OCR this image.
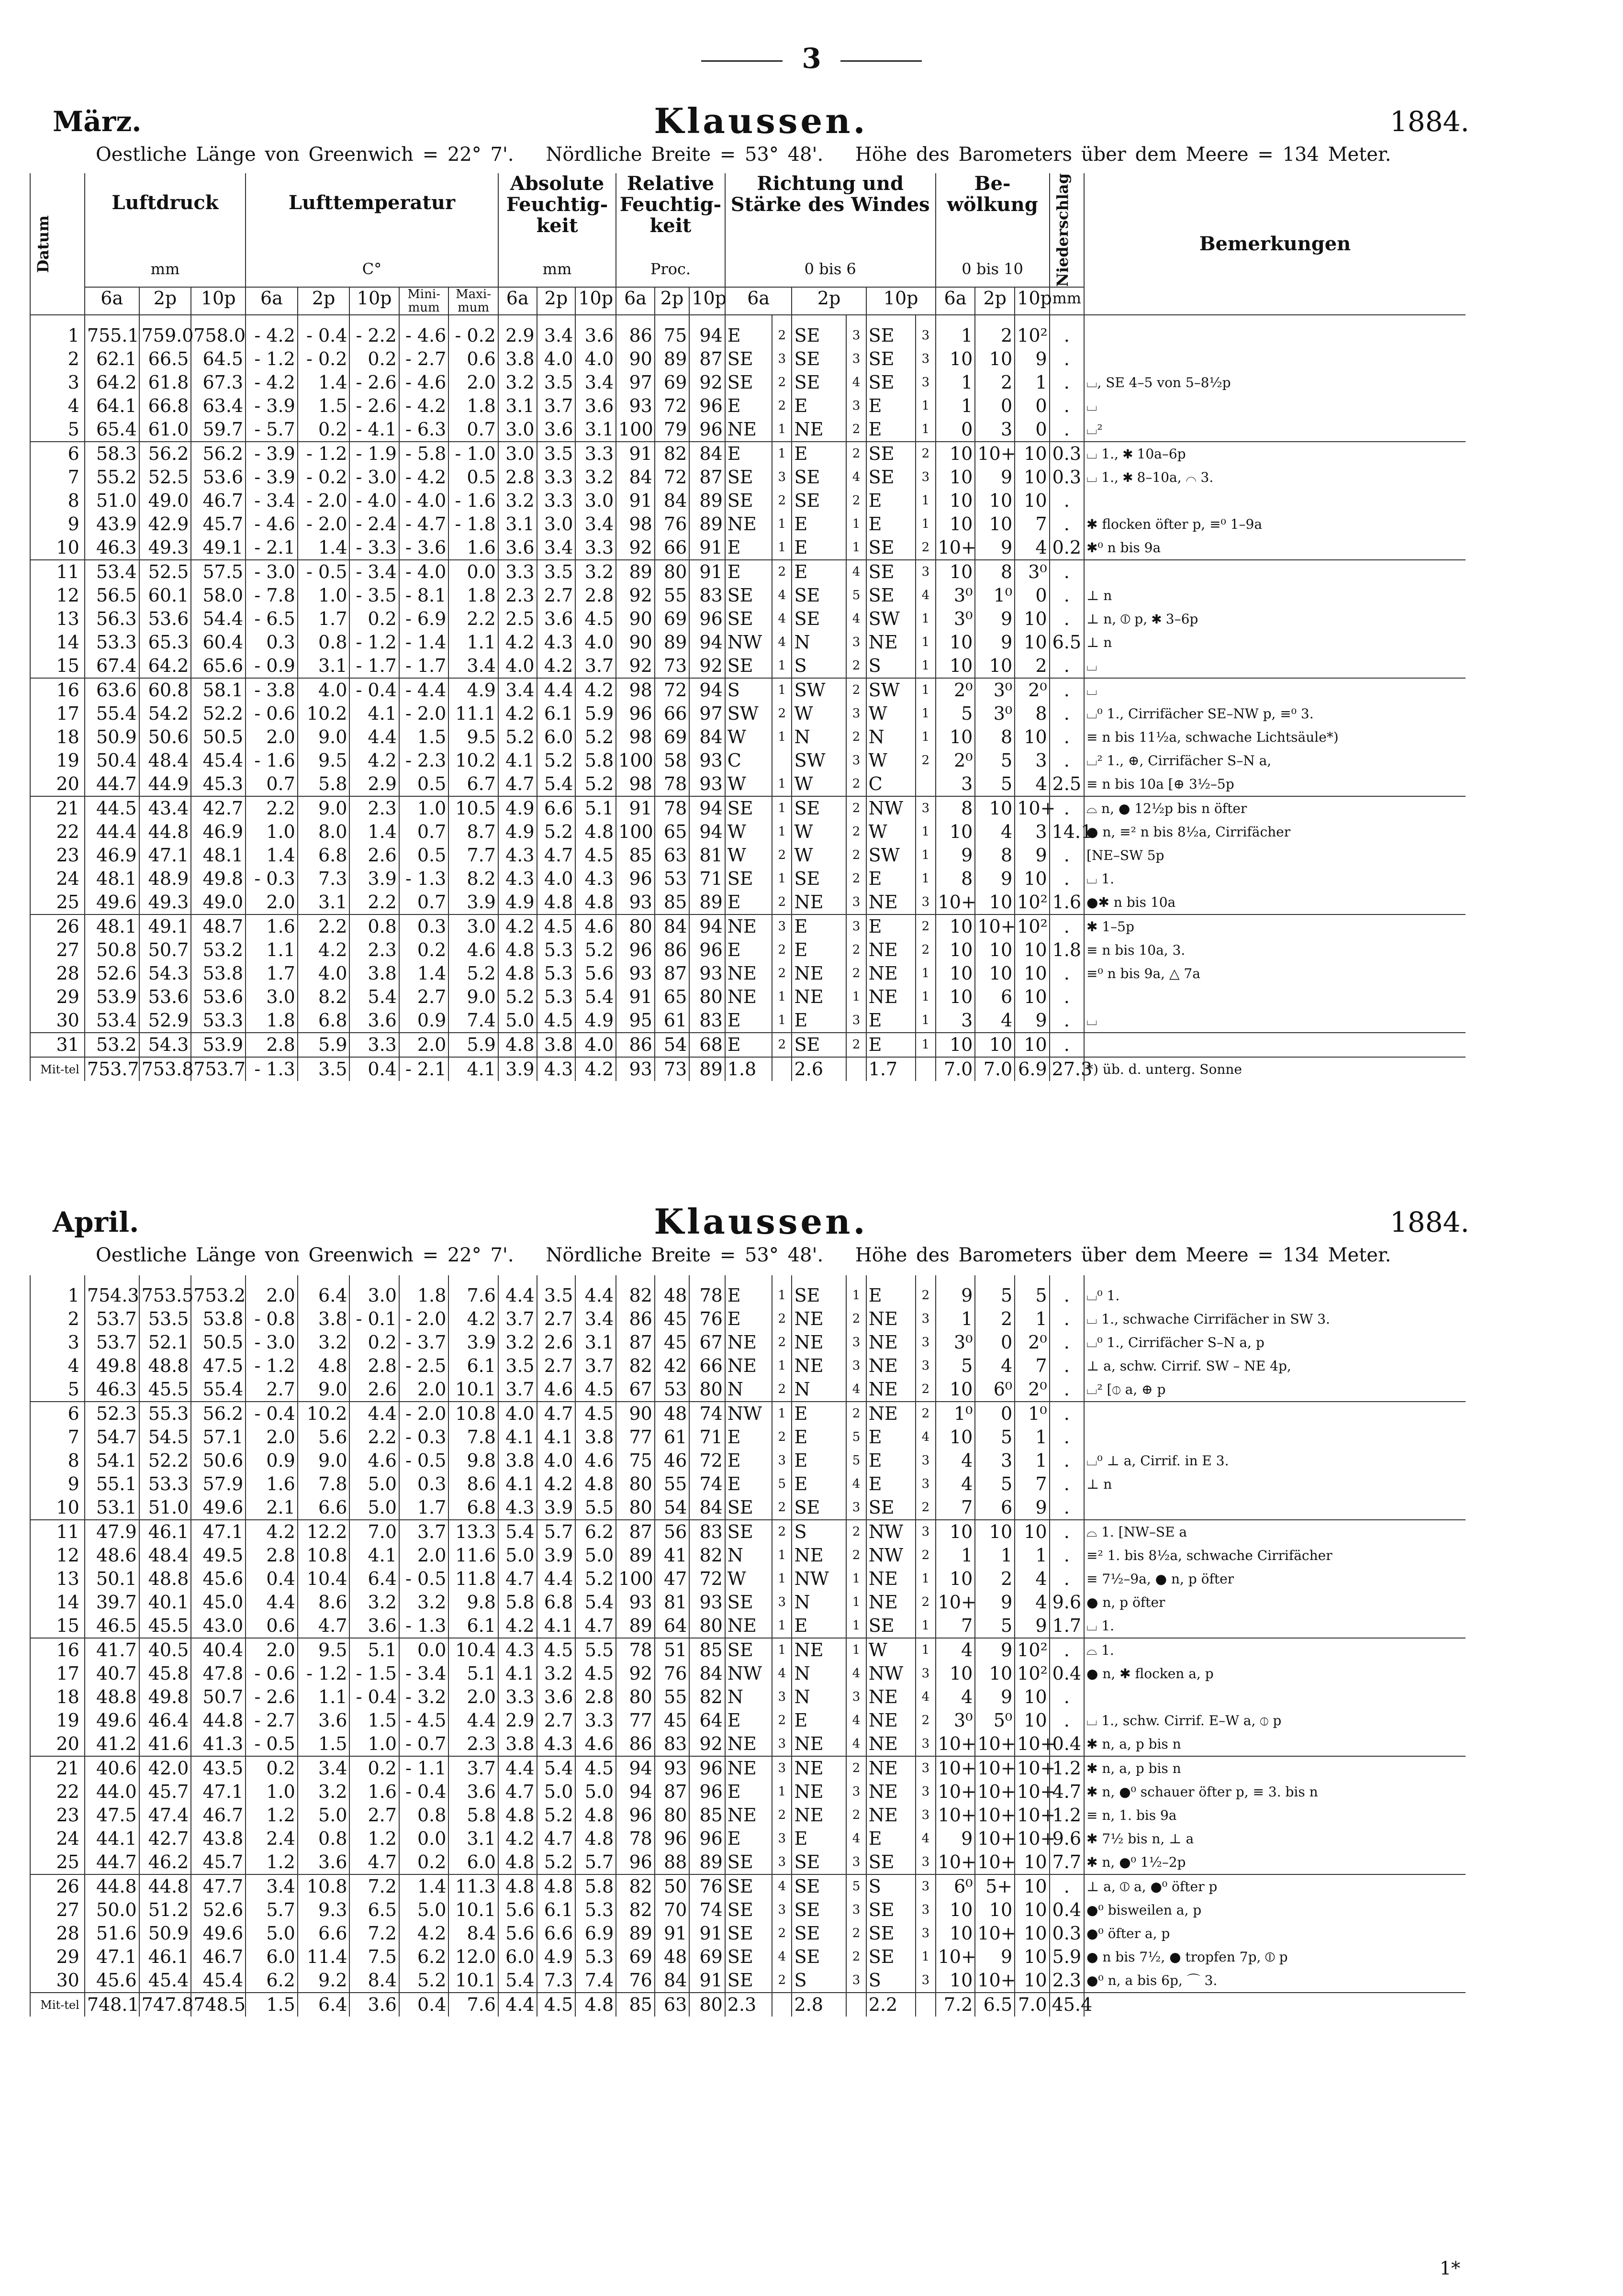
3
März.	Klaussen.	1884.
Oestliche Länge von Greenwich = 22° 7'. Nördliche Breite = 53° 48'. Höhe des Barometers über dem Meere = 134 Meter.
Datum	Luftdruck			Lufttemperatur					Absolute Feuchtig-keit			Relative Feuchtig-keit			Richtung und Stärke des Windes						Be-wölkung			Niederschlag	Bemerkungen
	mm			C°					mm			Proc.			0 bis 6						0 bis 10				
	6a	2p	10p	6a	2p	10p	Mini-mum	Maxi-mum	6a	2p	10p	6a	2p	10p	6a		2p		10p		6a	2p	10p	mm	

1	755.1	759.0	758.0	- 4.2	- 0.4	- 2.2	- 4.6	- 0.2	2.9	3.4	3.6	86	75	94	E	2	SE	3	SE	3	1	2	10²	.	
2	62.1	66.5	64.5	- 1.2	- 0.2	0.2	- 2.7	0.6	3.8	4.0	4.0	90	89	87	SE	3	SE	3	SE	3	10	10	9	.	
3	64.2	61.8	67.3	- 4.2	1.4	- 2.6	- 4.6	2.0	3.2	3.5	3.4	97	69	92	SE	2	SE	4	SE	3	1	2	1	.	⌴, SE 4–5 von 5–8½p
4	64.1	66.8	63.4	- 3.9	1.5	- 2.6	- 4.2	1.8	3.1	3.7	3.6	93	72	96	E	2	E	3	E	1	1	0	0	.	⌴
5	65.4	61.0	59.7	- 5.7	0.2	- 4.1	- 6.3	0.7	3.0	3.6	3.1	100	79	96	NE	1	NE	2	E	1	0	3	0	.	⌴²
6	58.3	56.2	56.2	- 3.9	- 1.2	- 1.9	- 5.8	- 1.0	3.0	3.5	3.3	91	82	84	E	1	E	2	SE	2	10	10+	10	0.3	⌴ 1., ✱ 10a–6p
7	55.2	52.5	53.6	- 3.9	- 0.2	- 3.0	- 4.2	0.5	2.8	3.3	3.2	84	72	87	SE	3	SE	4	SE	3	10	9	10	0.3	⌴ 1., ✱ 8–10a, ⌒ 3.
8	51.0	49.0	46.7	- 3.4	- 2.0	- 4.0	- 4.0	- 1.6	3.2	3.3	3.0	91	84	89	SE	2	SE	2	E	1	10	10	10	.	
9	43.9	42.9	45.7	- 4.6	- 2.0	- 2.4	- 4.7	- 1.8	3.1	3.0	3.4	98	76	89	NE	1	E	1	E	1	10	10	7	.	✱ flocken öfter p, ≡⁰ 1–9a
10	46.3	49.3	49.1	- 2.1	1.4	- 3.3	- 3.6	1.6	3.6	3.4	3.3	92	66	91	E	1	E	1	SE	2	10+	9	4	0.2	✱⁰ n bis 9a
11	53.4	52.5	57.5	- 3.0	- 0.5	- 3.4	- 4.0	0.0	3.3	3.5	3.2	89	80	91	E	2	E	4	SE	3	10	8	3⁰	.	
12	56.5	60.1	58.0	- 7.8	1.0	- 3.5	- 8.1	1.8	2.3	2.7	2.8	92	55	83	SE	4	SE	5	SE	4	3⁰	1⁰	0	.	⊥ n
13	56.3	53.6	54.4	- 6.5	1.7	0.2	- 6.9	2.2	2.5	3.6	4.5	90	69	96	SE	4	SE	4	SW	1	3⁰	9	10	.	⊥ n, ⦶ p, ✱ 3–6p
14	53.3	65.3	60.4	0.3	0.8	- 1.2	- 1.4	1.1	4.2	4.3	4.0	90	89	94	NW	4	N	3	NE	1	10	9	10	6.5	⊥ n
15	67.4	64.2	65.6	- 0.9	3.1	- 1.7	- 1.7	3.4	4.0	4.2	3.7	92	73	92	SE	1	S	2	S	1	10	10	2	.	⌴
16	63.6	60.8	58.1	- 3.8	4.0	- 0.4	- 4.4	4.9	3.4	4.4	4.2	98	72	94	S	1	SW	2	SW	1	2⁰	3⁰	2⁰	.	⌴
17	55.4	54.2	52.2	- 0.6	10.2	4.1	- 2.0	11.1	4.2	6.1	5.9	96	66	97	SW	2	W	3	W	1	5	3⁰	8	.	⌴⁰ 1., Cirrifächer SE–NW p, ≡⁰ 3.
18	50.9	50.6	50.5	2.0	9.0	4.4	1.5	9.5	5.2	6.0	5.2	98	69	84	W	1	N	2	N	1	10	8	10	.	≡ n bis 11½a, schwache Lichtsäule*)
19	50.4	48.4	45.4	- 1.6	9.5	4.2	- 2.3	10.2	4.1	5.2	5.8	100	58	93	C		SW	3	W	2	2⁰	5	3	.	⌴² 1., ⊕, Cirrifächer S–N a,
20	44.7	44.9	45.3	0.7	5.8	2.9	0.5	6.7	4.7	5.4	5.2	98	78	93	W	1	W	2	C		3	5	4	2.5	≡ n bis 10a [⊕ 3½–5p
21	44.5	43.4	42.7	2.2	9.0	2.3	1.0	10.5	4.9	6.6	5.1	91	78	94	SE	1	SE	2	NW	3	8	10	10+	.	⌓ n, ● 12½p bis n öfter
22	44.4	44.8	46.9	1.0	8.0	1.4	0.7	8.7	4.9	5.2	4.8	100	65	94	W	1	W	2	W	1	10	4	3	14.1	● n, ≡² n bis 8½a, Cirrifächer
23	46.9	47.1	48.1	1.4	6.8	2.6	0.5	7.7	4.3	4.7	4.5	85	63	81	W	2	W	2	SW	1	9	8	9	.	[NE–SW 5p
24	48.1	48.9	49.8	- 0.3	7.3	3.9	- 1.3	8.2	4.3	4.0	4.3	96	53	71	SE	1	SE	2	E	1	8	9	10	.	⌴ 1.
25	49.6	49.3	49.0	2.0	3.1	2.2	0.7	3.9	4.9	4.8	4.8	93	85	89	E	2	NE	3	NE	3	10+	10	10²	1.6	●✱ n bis 10a
26	48.1	49.1	48.7	1.6	2.2	0.8	0.3	3.0	4.2	4.5	4.6	80	84	94	NE	3	E	3	E	2	10	10+	10²	.	✱ 1–5p
27	50.8	50.7	53.2	1.1	4.2	2.3	0.2	4.6	4.8	5.3	5.2	96	86	96	E	2	E	2	NE	2	10	10	10	1.8	≡ n bis 10a, 3.
28	52.6	54.3	53.8	1.7	4.0	3.8	1.4	5.2	4.8	5.3	5.6	93	87	93	NE	2	NE	2	NE	1	10	10	10	.	≡⁰ n bis 9a, △ 7a
29	53.9	53.6	53.6	3.0	8.2	5.4	2.7	9.0	5.2	5.3	5.4	91	65	80	NE	1	NE	1	NE	1	10	6	10	.	
30	53.4	52.9	53.3	1.8	6.8	3.6	0.9	7.4	5.0	4.5	4.9	95	61	83	E	1	E	3	E	1	3	4	9	.	⌴
31	53.2	54.3	53.9	2.8	5.9	3.3	2.0	5.9	4.8	3.8	4.0	86	54	68	E	2	SE	2	E	1	10	10	10	.	
Mit-tel	753.7	753.8	753.7	- 1.3	3.5	0.4	- 2.1	4.1	3.9	4.3	4.2	93	73	89	1.8		2.6		1.7		7.0	7.0	6.9	27.3	*) üb. d. unterg. Sonne
April.	Klaussen.	1884.
Oestliche Länge von Greenwich = 22° 7'. Nördliche Breite = 53° 48'. Höhe des Barometers über dem Meere = 134 Meter.

1	754.3	753.5	753.2	2.0	6.4	3.0	1.8	7.6	4.4	3.5	4.4	82	48	78	E	1	SE	1	E	2	9	5	5	.	⌴⁰ 1.
2	53.7	53.5	53.8	- 0.8	3.8	- 0.1	- 2.0	4.2	3.7	2.7	3.4	86	45	76	E	2	NE	2	NE	3	1	2	1	.	⌴ 1., schwache Cirrifächer in SW 3.
3	53.7	52.1	50.5	- 3.0	3.2	0.2	- 3.7	3.9	3.2	2.6	3.1	87	45	67	NE	2	NE	3	NE	3	3⁰	0	2⁰	.	⌴⁰ 1., Cirrifächer S–N a, p
4	49.8	48.8	47.5	- 1.2	4.8	2.8	- 2.5	6.1	3.5	2.7	3.7	82	42	66	NE	1	NE	3	NE	3	5	4	7	.	⊥ a, schw. Cirrif. SW – NE 4p,
5	46.3	45.5	55.4	2.7	9.0	2.6	2.0	10.1	3.7	4.6	4.5	67	53	80	N	2	N	4	NE	2	10	6⁰	2⁰	.	⌴² [⦶ a, ⊕ p
6	52.3	55.3	56.2	- 0.4	10.2	4.4	- 2.0	10.8	4.0	4.7	4.5	90	48	74	NW	1	E	2	NE	2	1⁰	0	1⁰	.	
7	54.7	54.5	57.1	2.0	5.6	2.2	- 0.3	7.8	4.1	4.1	3.8	77	61	71	E	2	E	5	E	4	10	5	1	.	
8	54.1	52.2	50.6	0.9	9.0	4.6	- 0.5	9.8	3.8	4.0	4.6	75	46	72	E	3	E	5	E	3	4	3	1	.	⌴⁰ ⊥ a, Cirrif. in E 3.
9	55.1	53.3	57.9	1.6	7.8	5.0	0.3	8.6	4.1	4.2	4.8	80	55	74	E	5	E	4	E	3	4	5	7	.	⊥ n
10	53.1	51.0	49.6	2.1	6.6	5.0	1.7	6.8	4.3	3.9	5.5	80	54	84	SE	2	SE	3	SE	2	7	6	9	.	
11	47.9	46.1	47.1	4.2	12.2	7.0	3.7	13.3	5.4	5.7	6.2	87	56	83	SE	2	S	2	NW	3	10	10	10	.	⌓ 1. [NW–SE a
12	48.6	48.4	49.5	2.8	10.8	4.1	2.0	11.6	5.0	3.9	5.0	89	41	82	N	1	NE	2	NW	2	1	1	1	.	≡² 1. bis 8½a, schwache Cirrifächer
13	50.1	48.8	45.6	0.4	10.4	6.4	- 0.5	11.8	4.7	4.4	5.2	100	47	72	W	1	NW	1	NE	1	10	2	4	.	≡ 7½–9a, ● n, p öfter
14	39.7	40.1	45.0	4.4	8.6	3.2	3.2	9.8	5.8	6.8	5.4	93	81	93	SE	3	N	1	NE	2	10+	9	4	9.6	● n, p öfter
15	46.5	45.5	43.0	0.6	4.7	3.6	- 1.3	6.1	4.2	4.1	4.7	89	64	80	NE	1	E	1	SE	1	7	5	9	1.7	⌴ 1.
16	41.7	40.5	40.4	2.0	9.5	5.1	0.0	10.4	4.3	4.5	5.5	78	51	85	SE	1	NE	1	W	1	4	9	10²	.	⌓ 1.
17	40.7	45.8	47.8	- 0.6	- 1.2	- 1.5	- 3.4	5.1	4.1	3.2	4.5	92	76	84	NW	4	N	4	NW	3	10	10	10²	0.4	● n, ✱ flocken a, p
18	48.8	49.8	50.7	- 2.6	1.1	- 0.4	- 3.2	2.0	3.3	3.6	2.8	80	55	82	N	3	N	3	NE	4	4	9	10	.	
19	49.6	46.4	44.8	- 2.7	3.6	1.5	- 4.5	4.4	2.9	2.7	3.3	77	45	64	E	2	E	4	NE	2	3⁰	5⁰	10	.	⌴ 1., schw. Cirrif. E–W a, ⦶ p
20	41.2	41.6	41.3	- 0.5	1.5	1.0	- 0.7	2.3	3.8	4.3	4.6	86	83	92	NE	3	NE	4	NE	3	10+	10+	10+	0.4	✱ n, a, p bis n
21	40.6	42.0	43.5	0.2	3.4	0.2	- 1.1	3.7	4.4	5.4	4.5	94	93	96	NE	3	NE	2	NE	3	10+	10+	10+	1.2	✱ n, a, p bis n
22	44.0	45.7	47.1	1.0	3.2	1.6	- 0.4	3.6	4.7	5.0	5.0	94	87	96	E	1	NE	3	NE	3	10+	10+	10+	4.7	✱ n, ●⁰ schauer öfter p, ≡ 3. bis n
23	47.5	47.4	46.7	1.2	5.0	2.7	0.8	5.8	4.8	5.2	4.8	96	80	85	NE	2	NE	2	NE	3	10+	10+	10+	1.2	≡ n, 1. bis 9a
24	44.1	42.7	43.8	2.4	0.8	1.2	0.0	3.1	4.2	4.7	4.8	78	96	96	E	3	E	4	E	4	9	10+	10+	9.6	✱ 7½ bis n, ⊥ a
25	44.7	46.2	45.7	1.2	3.6	4.7	0.2	6.0	4.8	5.2	5.7	96	88	89	SE	3	SE	3	SE	3	10+	10+	10	7.7	✱ n, ●⁰ 1½–2p
26	44.8	44.8	47.7	3.4	10.8	7.2	1.4	11.3	4.8	4.8	5.8	82	50	76	SE	4	SE	5	S	3	6⁰	5+	10	.	⊥ a, ⦶ a, ●⁰ öfter p
27	50.0	51.2	52.6	5.7	9.3	6.5	5.0	10.1	5.6	6.1	5.3	82	70	74	SE	3	SE	3	SE	3	10	10	10	0.4	●⁰ bisweilen a, p
28	51.6	50.9	49.6	5.0	6.6	7.2	4.2	8.4	5.6	6.6	6.9	89	91	91	SE	2	SE	2	SE	3	10	10+	10	0.3	●⁰ öfter a, p
29	47.1	46.1	46.7	6.0	11.4	7.5	6.2	12.0	6.0	4.9	5.3	69	48	69	SE	4	SE	2	SE	1	10+	9	10	5.9	● n bis 7½, ● tropfen 7p, ⦶ p
30	45.6	45.4	45.4	6.2	9.2	8.4	5.2	10.1	5.4	7.3	7.4	76	84	91	SE	2	S	3	S	3	10	10+	10	2.3	●⁰ n, a bis 6p, ⌒ 3.
Mit-tel	748.1	747.8	748.5	1.5	6.4	3.6	0.4	7.6	4.4	4.5	4.8	85	63	80	2.3		2.8		2.2		7.2	6.5	7.0	45.4	
1*
